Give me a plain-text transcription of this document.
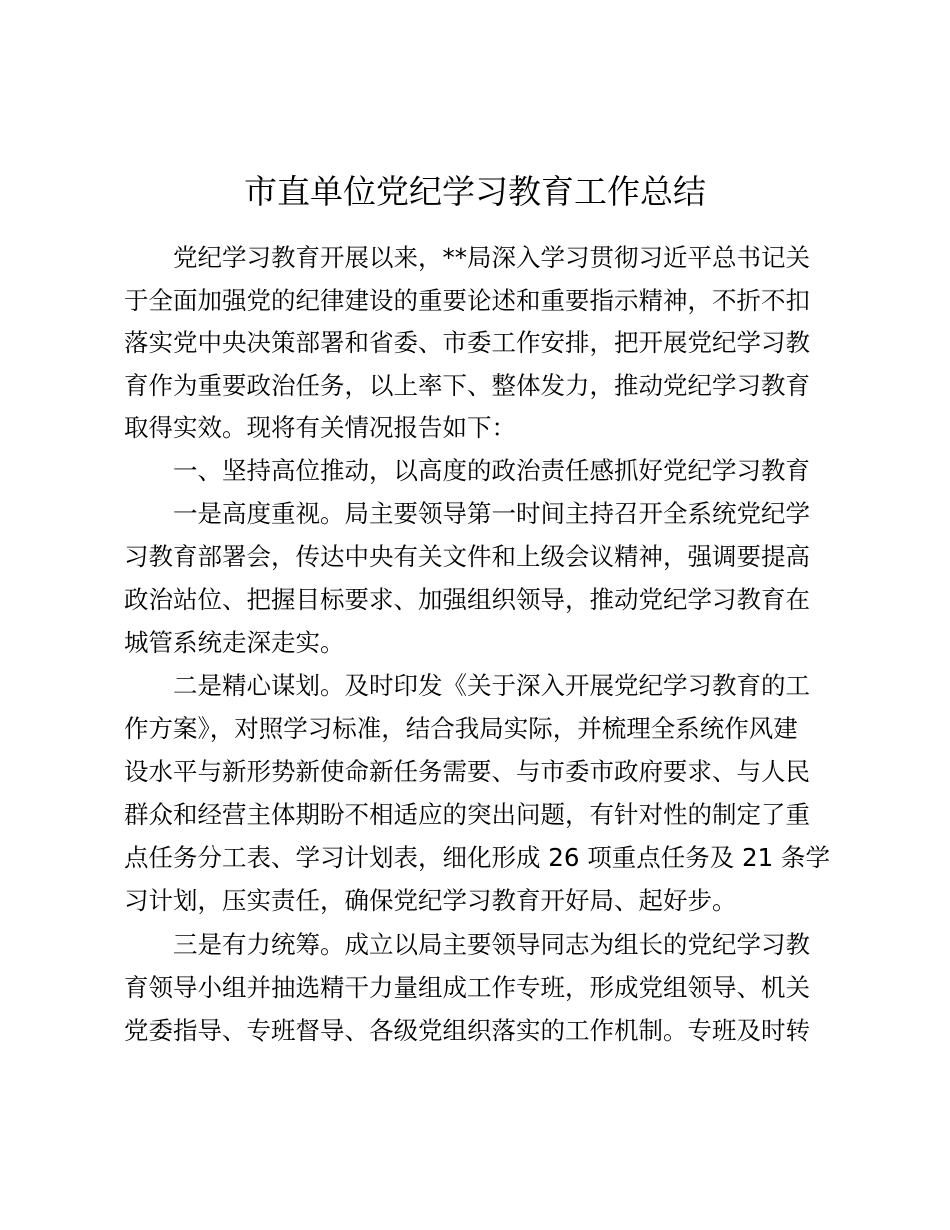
市直单位党纪学习教育工作总结
　　党纪学习教育开展以来，**局深入学习贯彻习近平总书记关
于全面加强党的纪律建设的重要论述和重要指示精神，不折不扣
落实党中央决策部署和省委、市委工作安排，把开展党纪学习教
育作为重要政治任务，以上率下、整体发力，推动党纪学习教育
取得实效。现将有关情况报告如下：
　　一、坚持高位推动，以高度的政治责任感抓好党纪学习教育
　　一是高度重视。局主要领导第一时间主持召开全系统党纪学
习教育部署会，传达中央有关文件和上级会议精神，强调要提高
政治站位、把握目标要求、加强组织领导，推动党纪学习教育在
城管系统走深走实。
　　二是精心谋划。及时印发《关于深入开展党纪学习教育的工
作方案》，对照学习标准，结合我局实际，并梳理全系统作风建
设水平与新形势新使命新任务需要、与市委市政府要求、与人民
群众和经营主体期盼不相适应的突出问题，有针对性的制定了重
点任务分工表、学习计划表，细化形成 26 项重点任务及 21 条学
习计划，压实责任，确保党纪学习教育开好局、起好步。
　　三是有力统筹。成立以局主要领导同志为组长的党纪学习教
育领导小组并抽选精干力量组成工作专班，形成党组领导、机关
党委指导、专班督导、各级党组织落实的工作机制。专班及时转
